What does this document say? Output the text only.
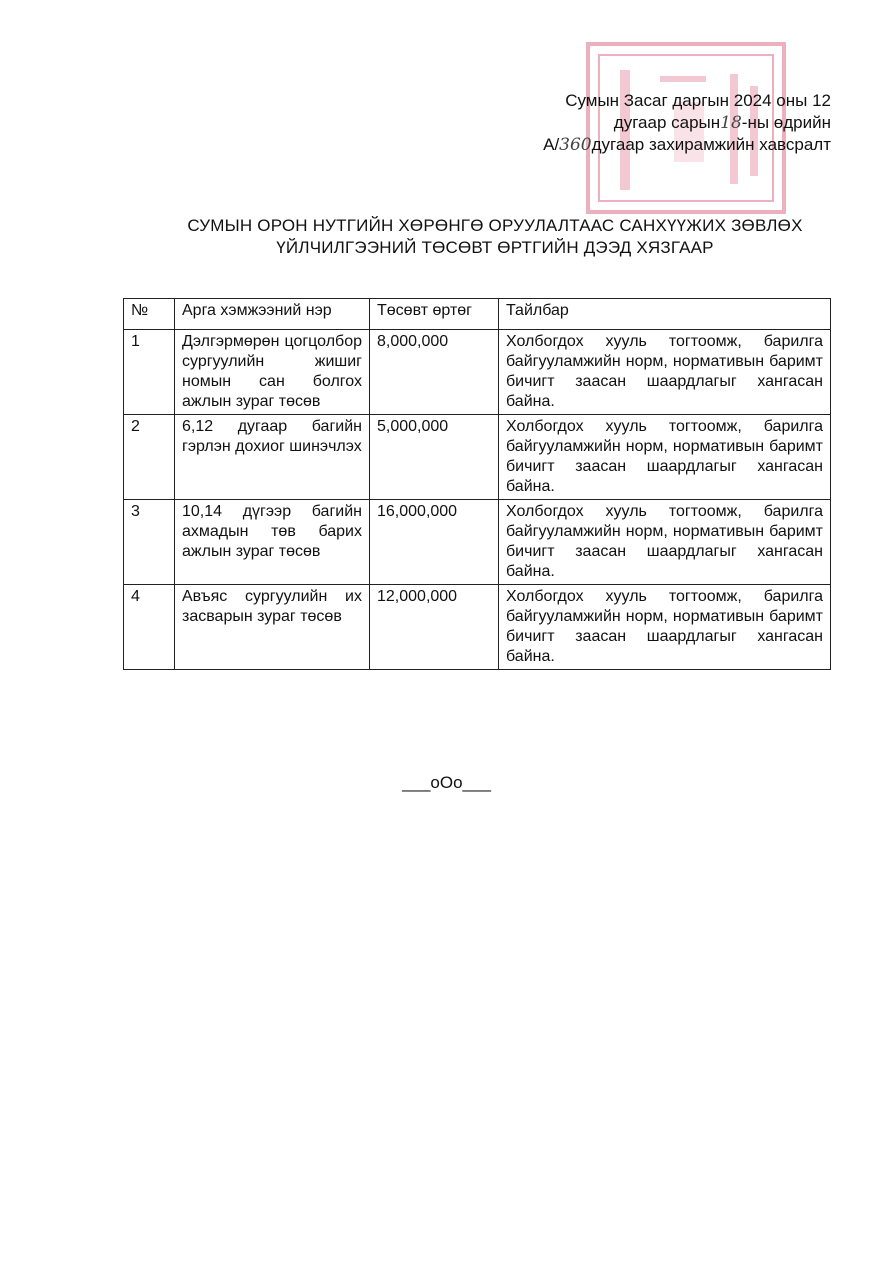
Сумын Засаг даргын 2024 оны 12
дугаар сарын18-ны өдрийн
А/360дугаар захирамжийн хавсралт
СУМЫН ОРОН НУТГИЙН ХӨРӨНГӨ ОРУУЛАЛТААС САНХҮҮЖИХ ЗӨВЛӨХ
ҮЙЛЧИЛГЭЭНИЙ ТӨСӨВТ ӨРТГИЙН ДЭЭД ХЯЗГААР
№	Арга хэмжээний нэр	Төсөвт өртөг	Тайлбар
1	Дэлгэрмөрөн цогцолбор сургуулийн жишиг номын сан болгох ажлын зураг төсөв	8,000,000	Холбогдох хууль тогтоомж, барилга байгууламжийн норм, нормативын баримт бичигт заасан шаардлагыг хангасан байна.
2	6,12 дугаар багийн гэрлэн дохиог шинэчлэх	5,000,000	Холбогдох хууль тогтоомж, барилга байгууламжийн норм, нормативын баримт бичигт заасан шаардлагыг хангасан байна.
3	10,14 дүгээр багийн ахмадын төв барих ажлын зураг төсөв	16,000,000	Холбогдох хууль тогтоомж, барилга байгууламжийн норм, нормативын баримт бичигт заасан шаардлагыг хангасан байна.
4	Авъяс сургуулийн их засварын зураг төсөв	12,000,000	Холбогдох хууль тогтоомж, барилга байгууламжийн норм, нормативын баримт бичигт заасан шаардлагыг хангасан байна.
___oOo___
